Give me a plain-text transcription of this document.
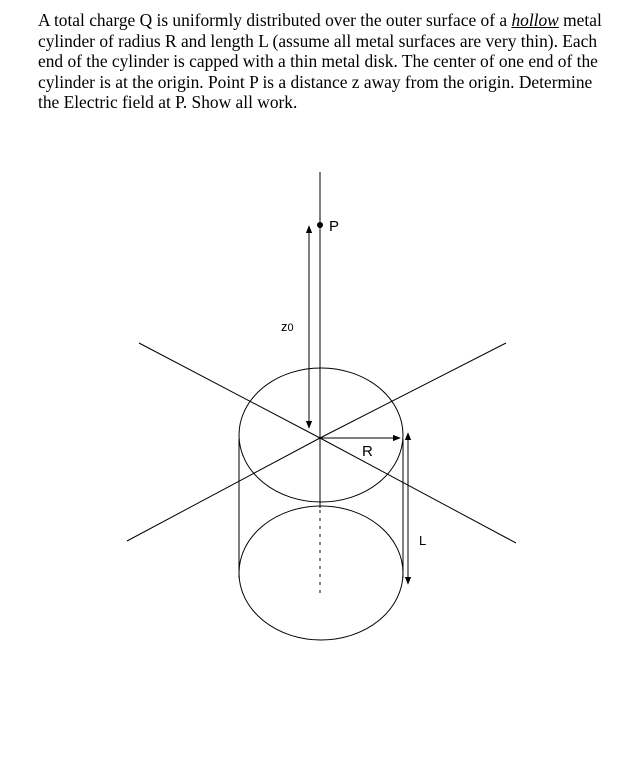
A total charge Q is uniformly distributed over the outer surface of a hollow metal cylinder of radius R and length L (assume all metal surfaces are very thin). Each end of the cylinder is capped with a thin metal disk. The center of one end of the cylinder is at the origin. Point P is a distance z away from the origin. Determine the Electric field at P. Show all work.

P
z0
R
L
